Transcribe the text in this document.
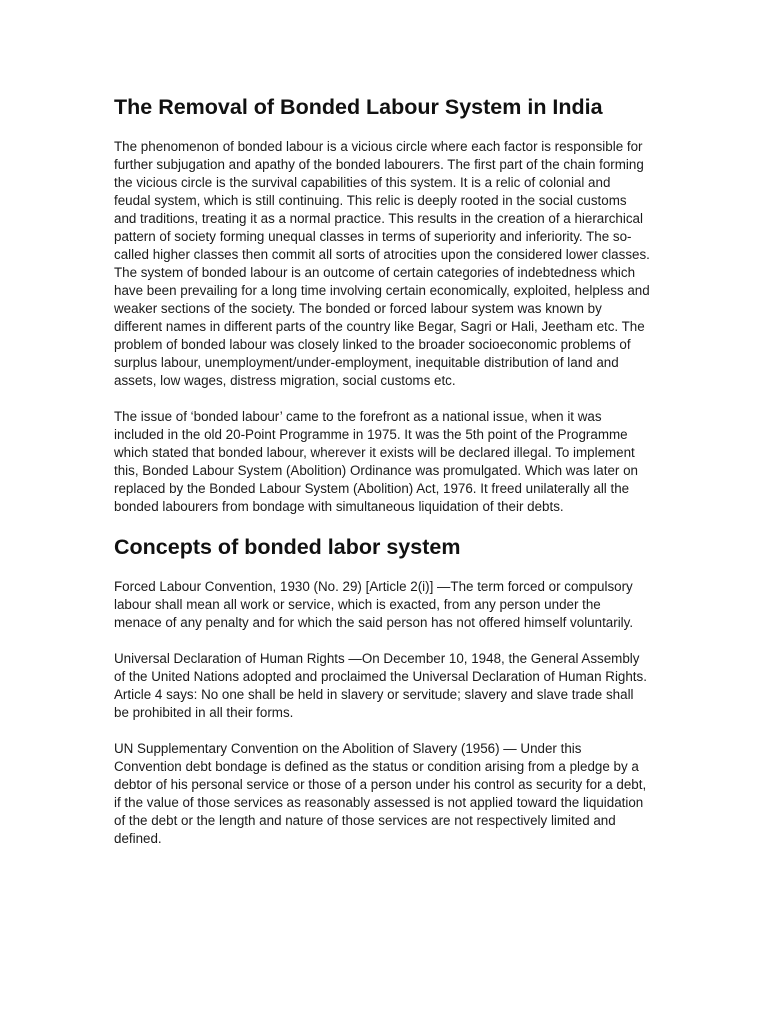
The Removal of Bonded Labour System in India

The phenomenon of bonded labour is a vicious circle where each factor is responsible for further subjugation and apathy of the bonded labourers. The first part of the chain forming the vicious circle is the survival capabilities of this system. It is a relic of colonial and feudal system, which is still continuing. This relic is deeply rooted in the social customs and traditions, treating it as a normal practice. This results in the creation of a hierarchical pattern of society forming unequal classes in terms of superiority and inferiority. The so-called higher classes then commit all sorts of atrocities upon the considered lower classes. The system of bonded labour is an outcome of certain categories of indebtedness which have been prevailing for a long time involving certain economically, exploited, helpless and weaker sections of the society. The bonded or forced labour system was known by different names in different parts of the country like Begar, Sagri or Hali, Jeetham etc. The problem of bonded labour was closely linked to the broader socioeconomic problems of surplus labour, unemployment/under-employment, inequitable distribution of land and assets, low wages, distress migration, social customs etc.

The issue of ‘bonded labour’ came to the forefront as a national issue, when it was included in the old 20-Point Programme in 1975. It was the 5th point of the Programme which stated that bonded labour, wherever it exists will be declared illegal. To implement this, Bonded Labour System (Abolition) Ordinance was promulgated. Which was later on replaced by the Bonded Labour System (Abolition) Act, 1976. It freed unilaterally all the bonded labourers from bondage with simultaneous liquidation of their debts.

Concepts of bonded labor system

Forced Labour Convention, 1930 (No. 29) [Article 2(i)] —The term forced or compulsory labour shall mean all work or service, which is exacted, from any person under the menace of any penalty and for which the said person has not offered himself voluntarily.

Universal Declaration of Human Rights —On December 10, 1948, the General Assembly of the United Nations adopted and proclaimed the Universal Declaration of Human Rights. Article 4 says: No one shall be held in slavery or servitude; slavery and slave trade shall be prohibited in all their forms.

UN Supplementary Convention on the Abolition of Slavery (1956) — Under this Convention debt bondage is defined as the status or condition arising from a pledge by a debtor of his personal service or those of a person under his control as security for a debt, if the value of those services as reasonably assessed is not applied toward the liquidation of the debt or the length and nature of those services are not respectively limited and defined.
